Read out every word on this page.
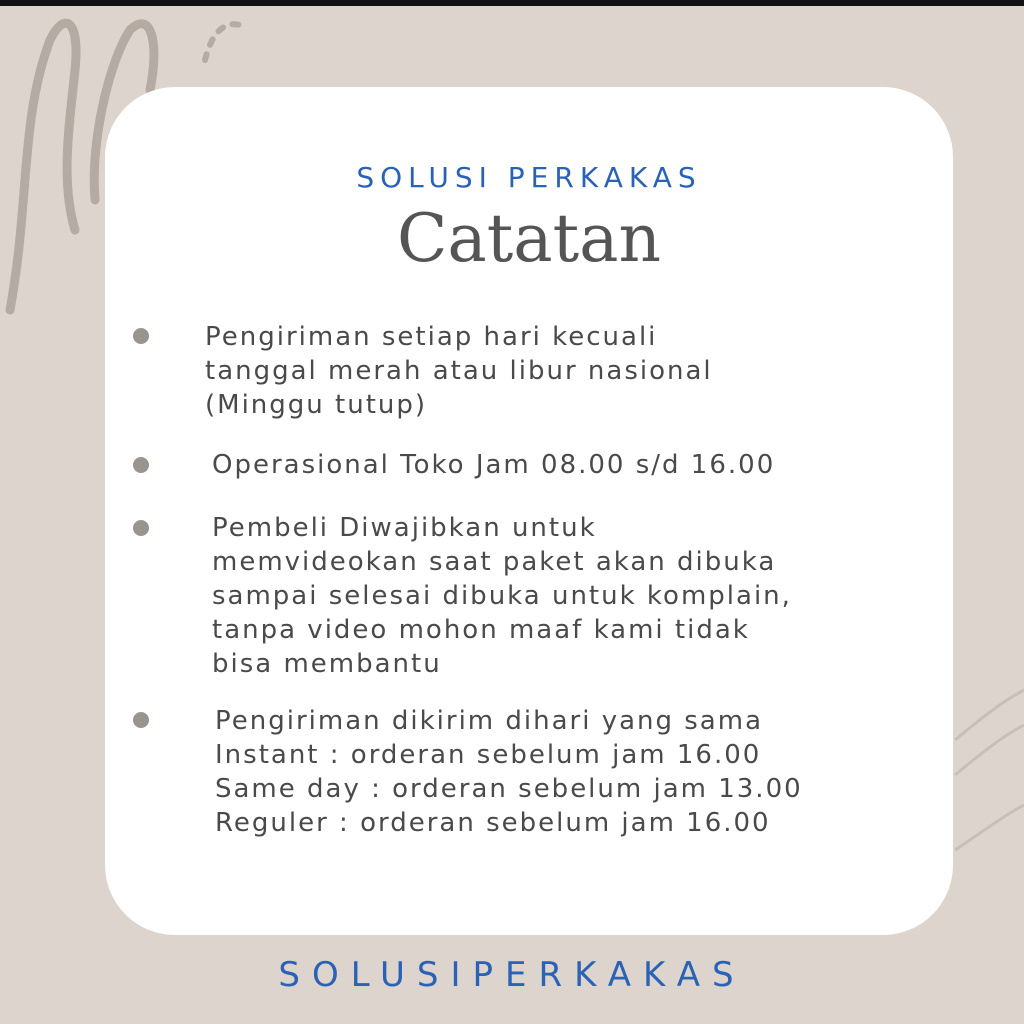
SOLUSI PERKAKAS
Catatan
Pengiriman setiap hari kecuali
tanggal merah atau libur nasional
(Minggu tutup)
Operasional Toko Jam 08.00 s/d 16.00
Pembeli Diwajibkan untuk
memvideokan saat paket akan dibuka
sampai selesai dibuka untuk komplain,
tanpa video mohon maaf kami tidak
bisa membantu
Pengiriman dikirim dihari yang sama
Instant : orderan sebelum jam 16.00
Same day : orderan sebelum jam 13.00
Reguler : orderan sebelum jam 16.00
SOLUSIPERKAKAS
